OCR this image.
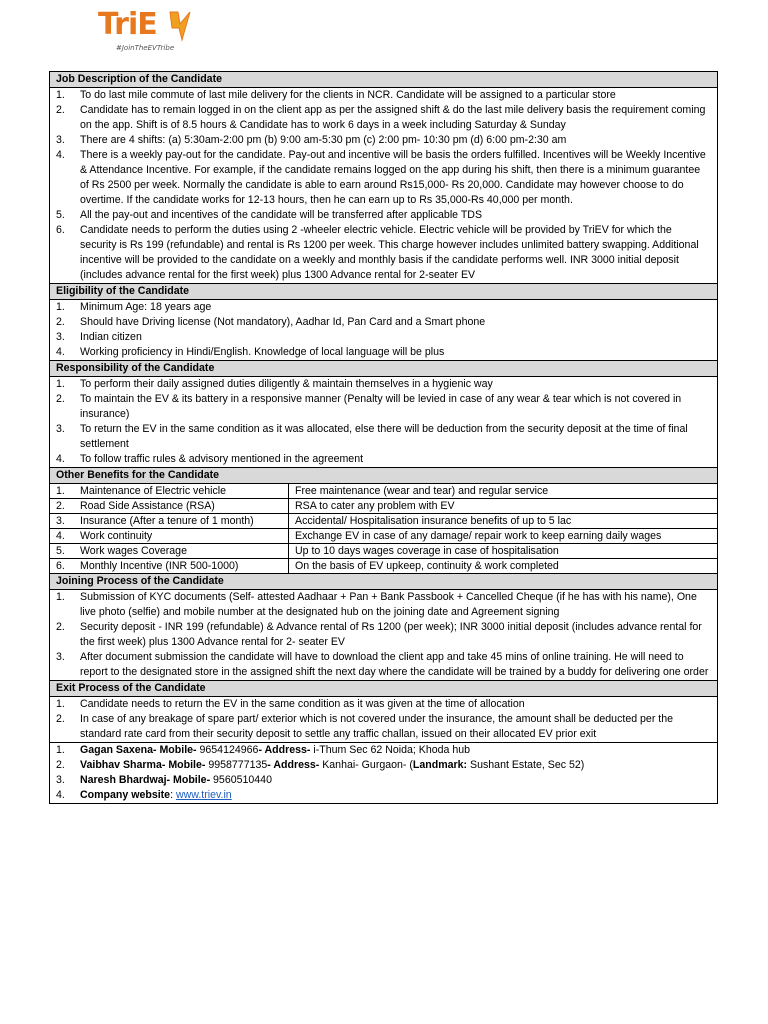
TriE
#JoinTheEVTribe
Job Description of the Candidate
1.	To do last mile commute of last mile delivery for the clients in NCR. Candidate will be assigned to a particular store
2.	Candidate has to remain logged in on the client app as per the assigned shift & do the last mile delivery basis the requirement coming on the app. Shift is of 8.5 hours & Candidate has to work 6 days in a week including Saturday & Sunday
3.	There are 4 shifts: (a) 5:30am-2:00 pm (b) 9:00 am-5:30 pm (c) 2:00 pm- 10:30 pm (d) 6:00 pm-2:30 am
4.	There is a weekly pay-out for the candidate. Pay-out and incentive will be basis the orders fulfilled. Incentives will be Weekly Incentive & Attendance Incentive. For example, if the candidate remains logged on the app during his shift, then there is a minimum guarantee of Rs 2500 per week. Normally the candidate is able to earn around Rs15,000- Rs 20,000. Candidate may however choose to do overtime. If the candidate works for 12-13 hours, then he can earn up to Rs 35,000-Rs 40,000 per month.
5.	All the pay-out and incentives of the candidate will be transferred after applicable TDS
6.	Candidate needs to perform the duties using 2 -wheeler electric vehicle. Electric vehicle will be provided by TriEV for which the security is Rs 199 (refundable) and rental is Rs 1200 per week. This charge however includes unlimited battery swapping. Additional incentive will be provided to the candidate on a weekly and monthly basis if the candidate performs well. INR 3000 initial deposit (includes advance rental for the first week) plus 1300 Advance rental for 2-seater EV
Eligibility of the Candidate
1.	Minimum Age: 18 years age
2.	Should have Driving license (Not mandatory), Aadhar Id, Pan Card and a Smart phone
3.	Indian citizen
4.	Working proficiency in Hindi/English. Knowledge of local language will be plus
Responsibility of the Candidate
1.	To perform their daily assigned duties diligently & maintain themselves in a hygienic way
2.	To maintain the EV & its battery in a responsive manner (Penalty will be levied in case of any wear & tear which is not covered in insurance)
3.	To return the EV in the same condition as it was allocated, else there will be deduction from the security deposit at the time of final settlement
4.	To follow traffic rules & advisory mentioned in the agreement
Other Benefits for the Candidate
1. Maintenance of Electric vehicle	Free maintenance (wear and tear) and regular service
2. Road Side Assistance (RSA)	RSA to cater any problem with EV
3. Insurance (After a tenure of 1 month)	Accidental/ Hospitalisation insurance benefits of up to 5 lac
4. Work continuity	Exchange EV in case of any damage/ repair work to keep earning daily wages
5. Work wages Coverage	Up to 10 days wages coverage in case of hospitalisation
6. Monthly Incentive (INR 500-1000)	On the basis of EV upkeep, continuity & work completed
Joining Process of the Candidate
1.	Submission of KYC documents (Self- attested Aadhaar + Pan + Bank Passbook + Cancelled Cheque (if he has with his name), One live photo (selfie) and mobile number at the designated hub on the joining date and Agreement signing
2.	Security deposit - INR 199 (refundable) & Advance rental of Rs 1200 (per week); INR 3000 initial deposit (includes advance rental for the first week) plus 1300 Advance rental for 2- seater EV
3.	After document submission the candidate will have to download the client app and take 45 mins of online training. He will need to report to the designated store in the assigned shift the next day where the candidate will be trained by a buddy for delivering one order
Exit Process of the Candidate
1.	Candidate needs to return the EV in the same condition as it was given at the time of allocation
2.	In case of any breakage of spare part/ exterior which is not covered under the insurance, the amount shall be deducted per the standard rate card from their security deposit to settle any traffic challan, issued on their allocated EV prior exit
1.	Gagan Saxena- Mobile- 9654124966- Address- i-Thum Sec 62 Noida; Khoda hub
2.	Vaibhav Sharma- Mobile- 9958777135- Address- Kanhai- Gurgaon- (Landmark: Sushant Estate, Sec 52)
3.	Naresh Bhardwaj- Mobile- 9560510440
4.	Company website: www.triev.in
